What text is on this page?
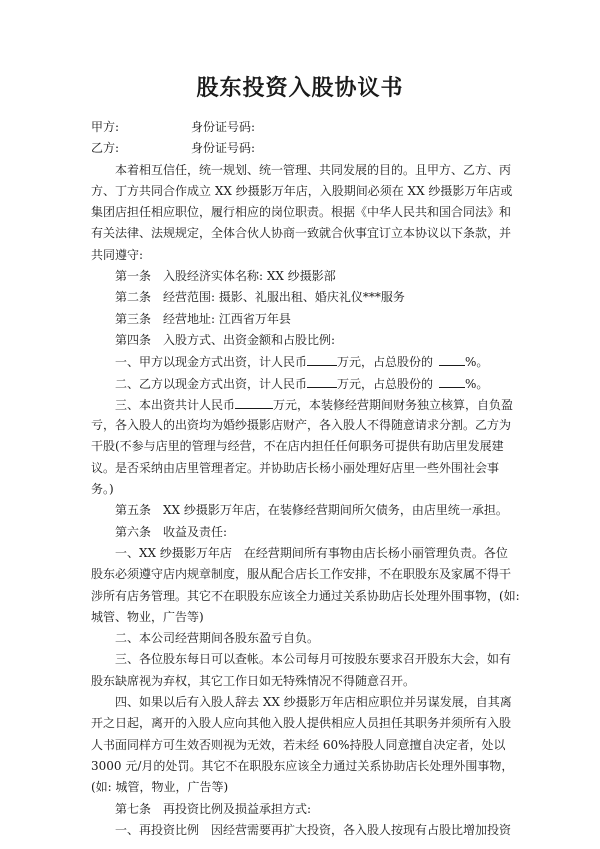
股东投资入股协议书
甲方:	身份证号码:
乙方:	身份证号码:
本着相互信任，统一规划、统一管理、共同发展的目的。且甲方、乙方、丙
方、丁方共同合作成立 XX 纱摄影万年店，入股期间必须在 XX 纱摄影万年店或
集团店担任相应职位，履行相应的岗位职责。根据《中华人民共和国合同法》和
有关法律、法规规定，全体合伙人协商一致就合伙事宜订立本协议以下条款，并
共同遵守:
第一条　入股经济实体名称: XX 纱摄影部
第二条　经营范围: 摄影、礼服出租、婚庆礼仪***服务
第三条　经营地址: 江西省万年县
第四条　入股方式、出资金额和占股比例:
一、甲方以现金方式出资，计人民币	万元，占总股份的	%。
二、乙方以现金方式出资，计人民币	万元，占总股份的	%。
三、本出资共计人民币	万元，本装修经营期间财务独立核算，自负盈
亏，各入股人的出资均为婚纱摄影店财产，各入股人不得随意请求分割。乙方为
干股(不参与店里的管理与经营，不在店内担任任何职务可提供有助店里发展建
议。是否采纳由店里管理者定。并协助店长杨小丽处理好店里一些外围社会事
务。)
第五条　XX 纱摄影万年店，在装修经营期间所欠债务，由店里统一承担。
第六条　收益及责任:
一、XX 纱摄影万年店　在经营期间所有事物由店长杨小丽管理负责。各位
股东必须遵守店内规章制度，服从配合店长工作安排，不在职股东及家属不得干
涉所有店务管理。其它不在职股东应该全力通过关系协助店长处理外围事物，(如:
城管、物业，广告等)
二、本公司经营期间各股东盈亏自负。
三、各位股东每日可以查帐。本公司每月可按股东要求召开股东大会，如有
股东缺席视为弃权，其它工作日如无特殊情况不得随意召开。
四、如果以后有入股人辞去 XX 纱摄影万年店相应职位并另谋发展，自其离
开之日起，离开的入股人应向其他入股人提供相应人员担任其职务并须所有入股
人书面同样方可生效否则视为无效，若未经 60%持股人同意擅自决定者，处以
3000 元/月的处罚。其它不在职股东应该全力通过关系协助店长处理外围事物，
(如: 城管，物业，广告等)
第七条　再投资比例及损益承担方式:
一、再投资比例　因经营需要再扩大投资，各入股人按现有占股比增加投资
